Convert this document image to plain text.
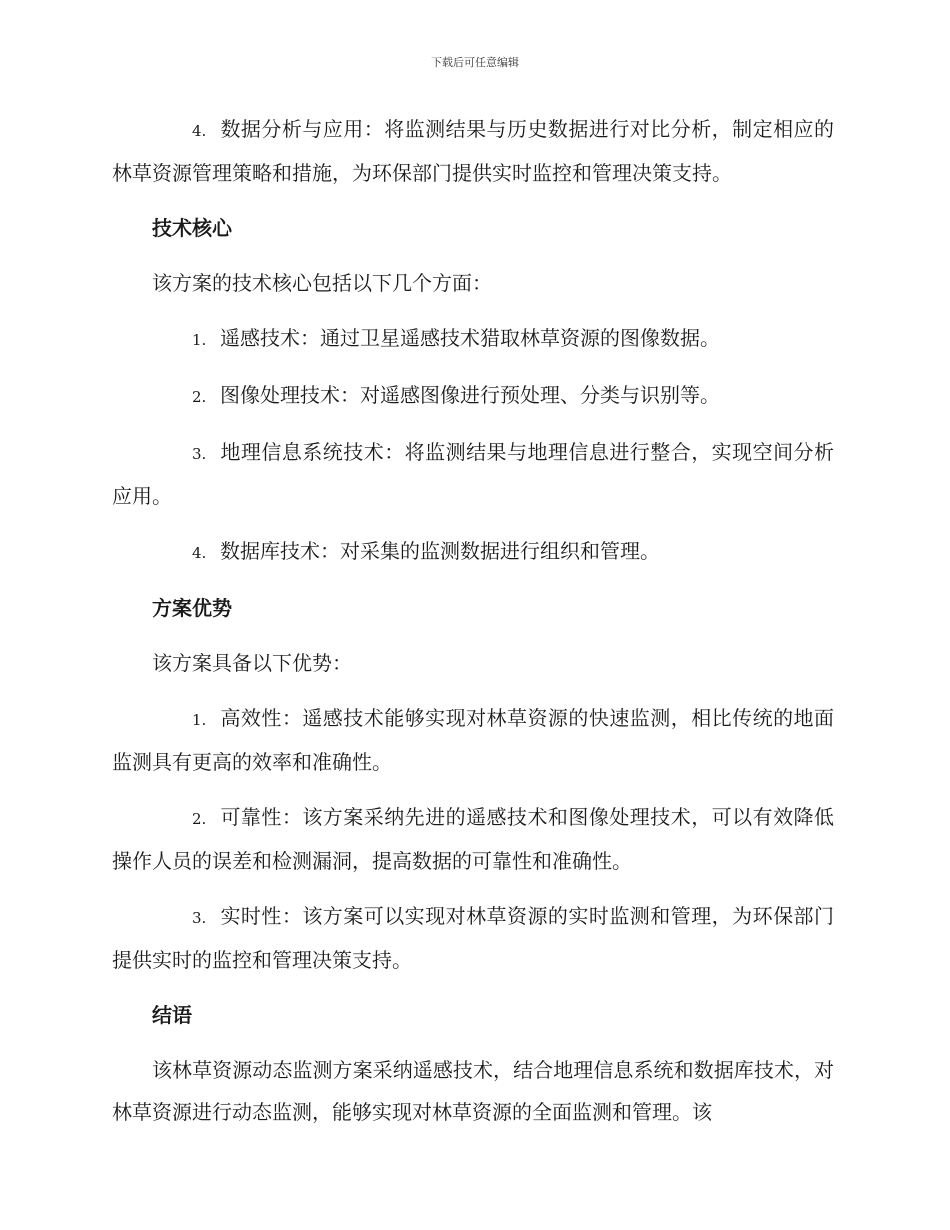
下载后可任意编辑

4. 数据分析与应用：将监测结果与历史数据进行对比分析，制定相应的林草资源管理策略和措施，为环保部门提供实时监控和管理决策支持。

技术核心

该方案的技术核心包括以下几个方面：

1. 遥感技术：通过卫星遥感技术猎取林草资源的图像数据。

2. 图像处理技术：对遥感图像进行预处理、分类与识别等。

3. 地理信息系统技术：将监测结果与地理信息进行整合，实现空间分析应用。

4. 数据库技术：对采集的监测数据进行组织和管理。

方案优势

该方案具备以下优势：

1. 高效性：遥感技术能够实现对林草资源的快速监测，相比传统的地面监测具有更高的效率和准确性。

2. 可靠性：该方案采纳先进的遥感技术和图像处理技术，可以有效降低操作人员的误差和检测漏洞，提高数据的可靠性和准确性。

3. 实时性：该方案可以实现对林草资源的实时监测和管理，为环保部门提供实时的监控和管理决策支持。

结语

该林草资源动态监测方案采纳遥感技术，结合地理信息系统和数据库技术，对林草资源进行动态监测，能够实现对林草资源的全面监测和管理。该
